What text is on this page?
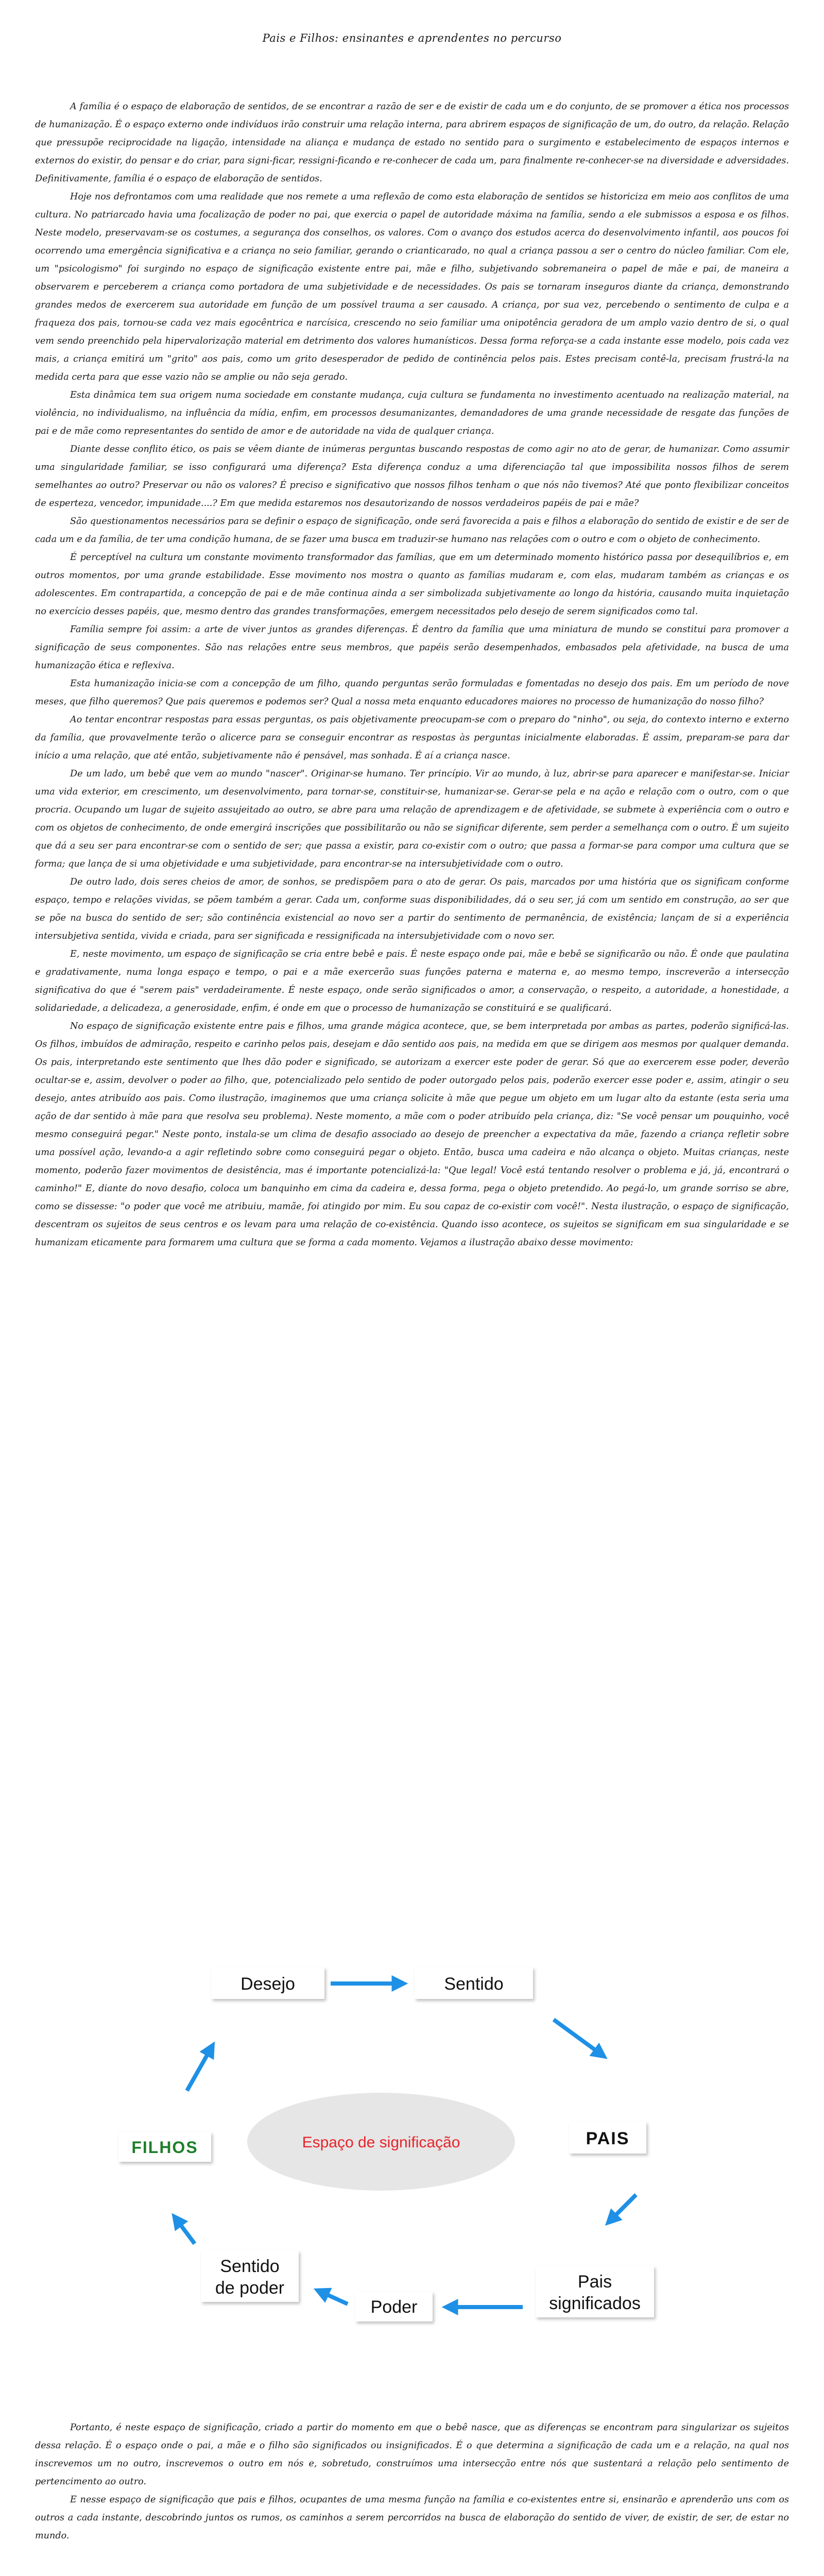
Pais e Filhos: ensinantes e aprendentes no percurso

A família é o espaço de elaboração de sentidos, de se encontrar a razão de ser e de existir de cada um e do conjunto, de se promover a ética nos processos de humanização. É o espaço externo onde indivíduos irão construir uma relação interna, para abrirem espaços de significação de um, do outro, da relação. Relação que pressupõe reciprocidade na ligação, intensidade na aliança e mudança de estado no sentido para o surgimento e estabelecimento de espaços internos e externos do existir, do pensar e do criar, para signi-ficar, ressigni-ficando e re-conhecer de cada um, para finalmente re-conhecer-se na diversidade e adversidades. Definitivamente, família é o espaço de elaboração de sentidos.

Hoje nos defrontamos com uma realidade que nos remete a uma reflexão de como esta elaboração de sentidos se historiciza em meio aos conflitos de uma cultura. No patriarcado havia uma focalização de poder no pai, que exercia o papel de autoridade máxima na família, sendo a ele submissos a esposa e os filhos. Neste modelo, preservavam-se os costumes, a segurança dos conselhos, os valores. Com o avanço dos estudos acerca do desenvolvimento infantil, aos poucos foi ocorrendo uma emergência significativa e a criança no seio familiar, gerando o crianticarado, no qual a criança passou a ser o centro do núcleo familiar. Com ele, um "psicologismo" foi surgindo no espaço de significação existente entre pai, mãe e filho, subjetivando sobremaneira o papel de mãe e pai, de maneira a observarem e perceberem a criança como portadora de uma subjetividade e de necessidades. Os pais se tornaram inseguros diante da criança, demonstrando grandes medos de exercerem sua autoridade em função de um possível trauma a ser causado. A criança, por sua vez, percebendo o sentimento de culpa e a fraqueza dos pais, tornou-se cada vez mais egocêntrica e narcísica, crescendo no seio familiar uma onipotência geradora de um amplo vazio dentro de si, o qual vem sendo preenchido pela hipervalorização material em detrimento dos valores humanísticos. Dessa forma reforça-se a cada instante esse modelo, pois cada vez mais, a criança emitirá um "grito" aos pais, como um grito desesperador de pedido de continência pelos pais. Estes precisam contê-la, precisam frustrá-la na medida certa para que esse vazio não se amplie ou não seja gerado.

Esta dinâmica tem sua origem numa sociedade em constante mudança, cuja cultura se fundamenta no investimento acentuado na realização material, na violência, no individualismo, na influência da mídia, enfim, em processos desumanizantes, demandadores de uma grande necessidade de resgate das funções de pai e de mãe como representantes do sentido de amor e de autoridade na vida de qualquer criança.

Diante desse conflito ético, os pais se vêem diante de inúmeras perguntas buscando respostas de como agir no ato de gerar, de humanizar. Como assumir uma singularidade familiar, se isso configurará uma diferença? Esta diferença conduz a uma diferenciação tal que impossibilita nossos filhos de serem semelhantes ao outro? Preservar ou não os valores? É preciso e significativo que nossos filhos tenham o que nós não tivemos? Até que ponto flexibilizar conceitos de esperteza, vencedor, impunidade....? Em que medida estaremos nos desautorizando de nossos verdadeiros papéis de pai e mãe?

São questionamentos necessários para se definir o espaço de significação, onde será favorecida a pais e filhos a elaboração do sentido de existir e de ser de cada um e da família, de ter uma condição humana, de se fazer uma busca em traduzir-se humano nas relações com o outro e com o objeto de conhecimento.

É perceptível na cultura um constante movimento transformador das famílias, que em um determinado momento histórico passa por desequilíbrios e, em outros momentos, por uma grande estabilidade. Esse movimento nos mostra o quanto as famílias mudaram e, com elas, mudaram também as crianças e os adolescentes. Em contrapartida, a concepção de pai e de mãe continua ainda a ser simbolizada subjetivamente ao longo da história, causando muita inquietação no exercício desses papéis, que, mesmo dentro das grandes transformações, emergem necessitados pelo desejo de serem significados como tal.

Família sempre foi assim: a arte de viver juntos as grandes diferenças. É dentro da família que uma miniatura de mundo se constitui para promover a significação de seus componentes. São nas relações entre seus membros, que papéis serão desempenhados, embasados pela afetividade, na busca de uma humanização ética e reflexiva.

Esta humanização inicia-se com a concepção de um filho, quando perguntas serão formuladas e fomentadas no desejo dos pais. Em um período de nove meses, que filho queremos? Que pais queremos e podemos ser? Qual a nossa meta enquanto educadores maiores no processo de humanização do nosso filho?

Ao tentar encontrar respostas para essas perguntas, os pais objetivamente preocupam-se com o preparo do "ninho", ou seja, do contexto interno e externo da família, que provavelmente terão o alicerce para se conseguir encontrar as respostas às perguntas inicialmente elaboradas. É assim, preparam-se para dar início a uma relação, que até então, subjetivamente não é pensável, mas sonhada. É aí a criança nasce.

De um lado, um bebê que vem ao mundo "nascer". Originar-se humano. Ter princípio. Vir ao mundo, à luz, abrir-se para aparecer e manifestar-se. Iniciar uma vida exterior, em crescimento, um desenvolvimento, para tornar-se, constituir-se, humanizar-se. Gerar-se pela e na ação e relação com o outro, com o que procria. Ocupando um lugar de sujeito assujeitado ao outro, se abre para uma relação de aprendizagem e de afetividade, se submete à experiência com o outro e com os objetos de conhecimento, de onde emergirá inscrições que possibilitarão ou não se significar diferente, sem perder a semelhança com o outro. É um sujeito que dá a seu ser para encontrar-se com o sentido de ser; que passa a existir, para co-existir com o outro; que passa a formar-se para compor uma cultura que se forma; que lança de si uma objetividade e uma subjetividade, para encontrar-se na intersubjetividade com o outro.

De outro lado, dois seres cheios de amor, de sonhos, se predispõem para o ato de gerar. Os pais, marcados por uma história que os significam conforme espaço, tempo e relações vividas, se põem também a gerar. Cada um, conforme suas disponibilidades, dá o seu ser, já com um sentido em construção, ao ser que se põe na busca do sentido de ser; são continência existencial ao novo ser a partir do sentimento de permanência, de existência; lançam de si a experiência intersubjetiva sentida, vivida e criada, para ser significada e ressignificada na intersubjetividade com o novo ser.

E, neste movimento, um espaço de significação se cria entre bebê e pais. É neste espaço onde pai, mãe e bebê se significarão ou não. É onde que paulatina e gradativamente, numa longa espaço e tempo, o pai e a mãe exercerão suas funções paterna e materna e, ao mesmo tempo, inscreverão a intersecção significativa do que é "serem pais" verdadeiramente. É neste espaço, onde serão significados o amor, a conservação, o respeito, a autoridade, a honestidade, a solidariedade, a delicadeza, a generosidade, enfim, é onde em que o processo de humanização se constituirá e se qualificará.

No espaço de significação existente entre pais e filhos, uma grande mágica acontece, que, se bem interpretada por ambas as partes, poderão significá-las. Os filhos, imbuídos de admiração, respeito e carinho pelos pais, desejam e dão sentido aos pais, na medida em que se dirigem aos mesmos por qualquer demanda. Os pais, interpretando este sentimento que lhes dão poder e significado, se autorizam a exercer este poder de gerar. Só que ao exercerem esse poder, deverão ocultar-se e, assim, devolver o poder ao filho, que, potencializado pelo sentido de poder outorgado pelos pais, poderão exercer esse poder e, assim, atingir o seu desejo, antes atribuído aos pais. Como ilustração, imaginemos que uma criança solicite à mãe que pegue um objeto em um lugar alto da estante (esta seria uma ação de dar sentido à mãe para que resolva seu problema). Neste momento, a mãe com o poder atribuído pela criança, diz: "Se você pensar um pouquinho, você mesmo conseguirá pegar." Neste ponto, instala-se um clima de desafio associado ao desejo de preencher a expectativa da mãe, fazendo a criança refletir sobre uma possível ação, levando-a a agir refletindo sobre como conseguirá pegar o objeto. Então, busca uma cadeira e não alcança o objeto. Muitas crianças, neste momento, poderão fazer movimentos de desistência, mas é importante potencializá-la: "Que legal! Você está tentando resolver o problema e já, já, encontrará o caminho!" E, diante do novo desafio, coloca um banquinho em cima da cadeira e, dessa forma, pega o objeto pretendido. Ao pegá-lo, um grande sorriso se abre, como se dissesse: "o poder que você me atribuiu, mamãe, foi atingido por mim. Eu sou capaz de co-existir com você!". Nesta ilustração, o espaço de significação, descentram os sujeitos de seus centros e os levam para uma relação de co-existência. Quando isso acontece, os sujeitos se significam em sua singularidade e se humanizam eticamente para formarem uma cultura que se forma a cada momento. Vejamos a ilustração abaixo desse movimento:

Espaço de significação
Desejo	Sentido
PAIS
Pais
significados
Poder
Sentido
de poder
FILHOS

Portanto, é neste espaço de significação, criado a partir do momento em que o bebê nasce, que as diferenças se encontram para singularizar os sujeitos dessa relação. É o espaço onde o pai, a mãe e o filho são significados ou insignificados. É o que determina a significação de cada um e a relação, na qual nos inscrevemos um no outro, inscrevemos o outro em nós e, sobretudo, construímos uma intersecção entre nós que sustentará a relação pelo sentimento de pertencimento ao outro.

E nesse espaço de significação que pais e filhos, ocupantes de uma mesma função na família e co-existentes entre si, ensinarão e aprenderão uns com os outros a cada instante, descobrindo juntos os rumos, os caminhos a serem percorridos na busca de elaboração do sentido de viver, de existir, de ser, de estar no mundo.
